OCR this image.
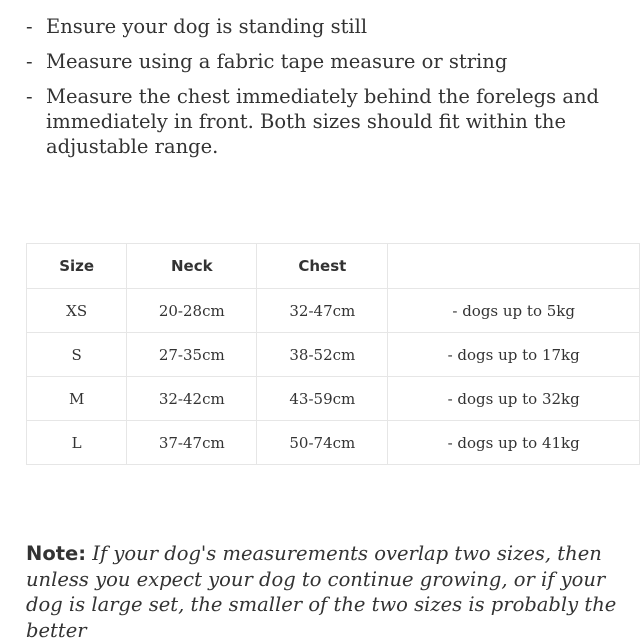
- Ensure your dog is standing still
- Measure using a fabric tape measure or string
- Measure the chest immediately behind the forelegs and immediately in front. Both sizes should fit within the adjustable range.
Size	Neck	Chest	
XS	20-28cm	32-47cm	- dogs up to 5kg
S	27-35cm	38-52cm	- dogs up to 17kg
M	32-42cm	43-59cm	- dogs up to 32kg
L	37-47cm	50-74cm	- dogs up to 41kg

Note: If your dog's measurements overlap two sizes, then unless you expect your dog to continue growing, or if your dog is large set, the smaller of the two sizes is probably the better
